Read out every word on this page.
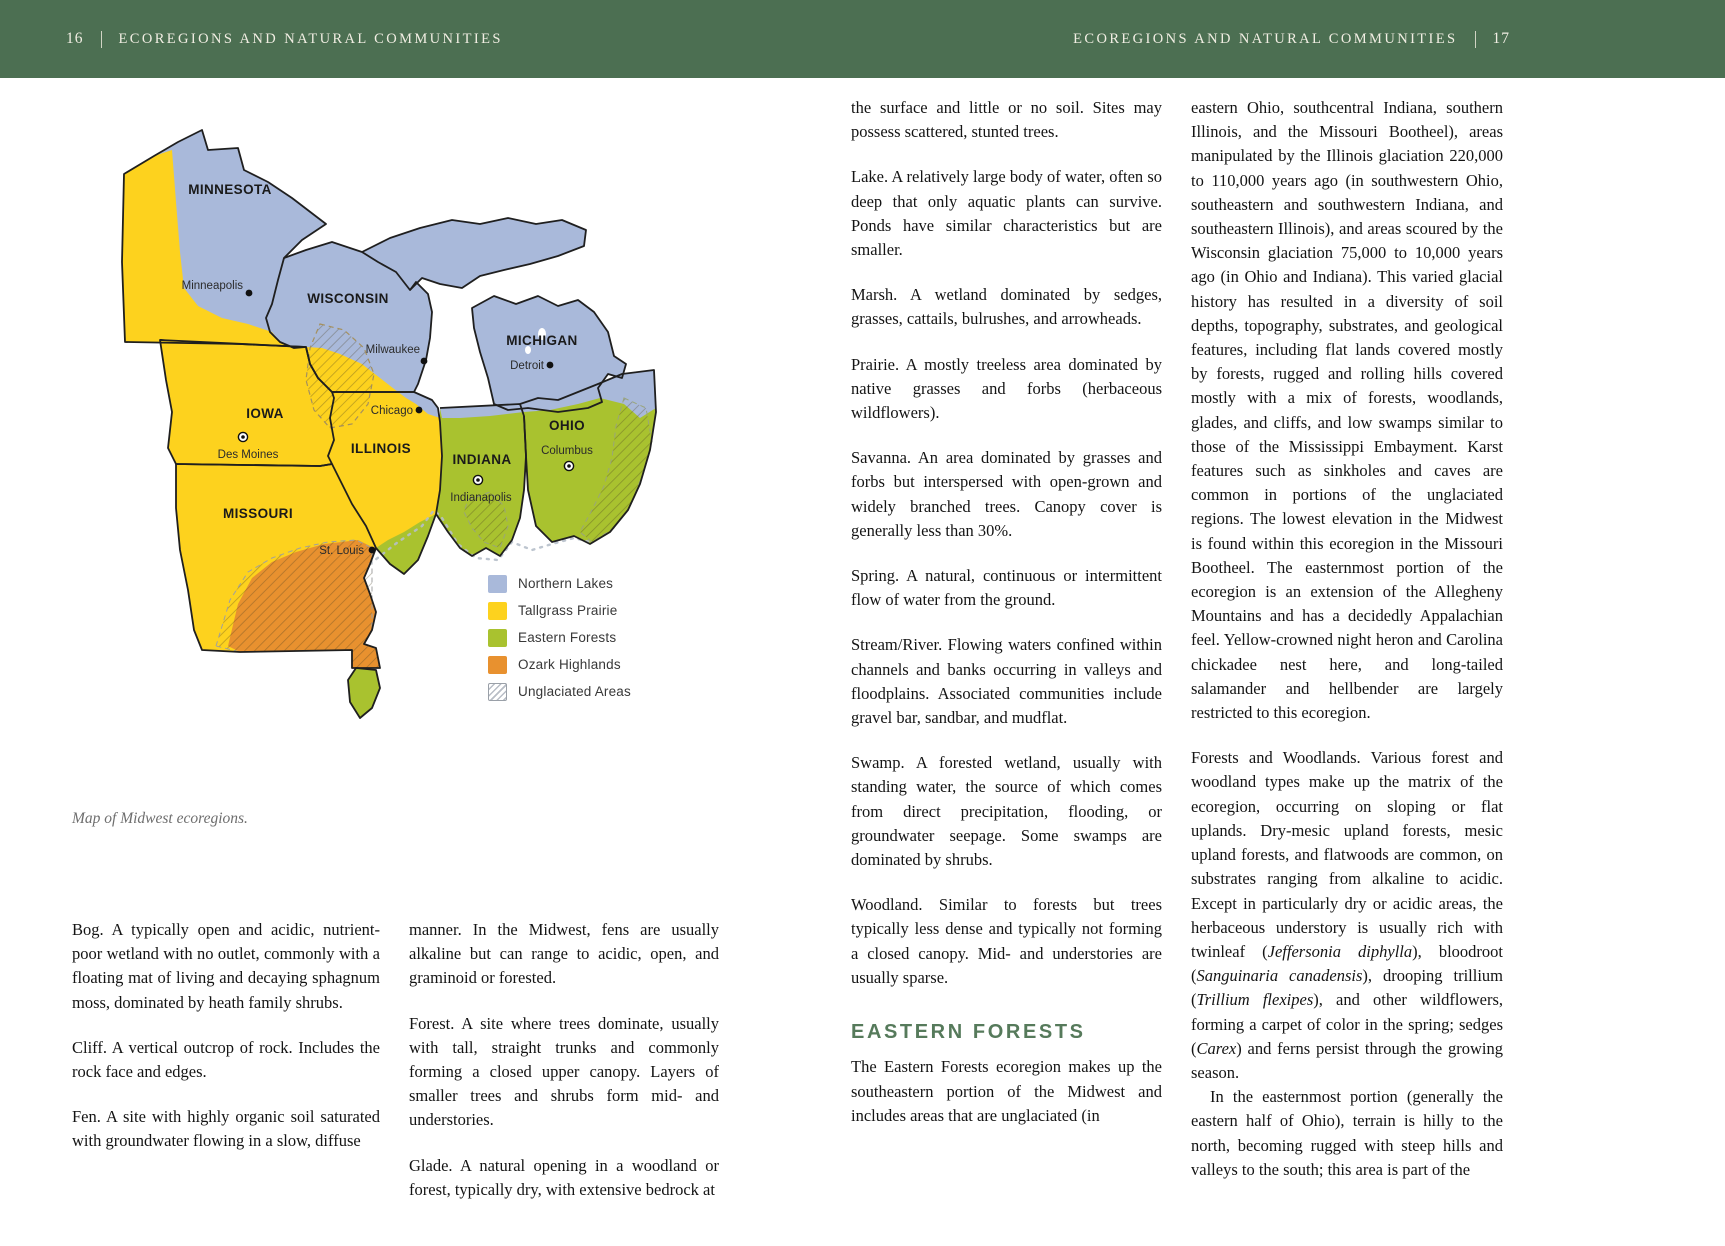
16 ECOREGIONS AND NATURAL COMMUNITIES	ECOREGIONS AND NATURAL COMMUNITIES 17
MINNESOTA
WISCONSIN
MICHIGAN
IOWA
ILLINOIS
INDIANA
OHIO
MISSOURI
Minneapolis
Milwaukee
Detroit
Chicago
Des Moines
Indianapolis
Columbus
St. Louis
Northern Lakes
Tallgrass Prairie
Eastern Forests
Ozark Highlands
Unglaciated Areas

Map of Midwest ecoregions.

Bog. A typically open and acidic, nutrient-poor wetland with no outlet, commonly with a floating mat of living and decaying sphagnum moss, dominated by heath family shrubs.

Cliff. A vertical outcrop of rock. Includes the rock face and edges.

Fen. A site with highly organic soil saturated with groundwater flowing in a slow, diffuse

manner. In the Midwest, fens are usually alkaline but can range to acidic, open, and graminoid or forested.

Forest. A site where trees dominate, usually with tall, straight trunks and commonly forming a closed upper canopy. Layers of smaller trees and shrubs form mid- and understories.

Glade. A natural opening in a woodland or forest, typically dry, with extensive bedrock at

the surface and little or no soil. Sites may possess scattered, stunted trees.

Lake. A relatively large body of water, often so deep that only aquatic plants can survive. Ponds have similar characteristics but are smaller.

Marsh. A wetland dominated by sedges, grasses, cattails, bulrushes, and arrowheads.

Prairie. A mostly treeless area dominated by native grasses and forbs (herbaceous wildflowers).

Savanna. An area dominated by grasses and forbs but interspersed with open-grown and widely branched trees. Canopy cover is generally less than 30%.

Spring. A natural, continuous or intermittent flow of water from the ground.

Stream/River. Flowing waters confined within channels and banks occurring in valleys and floodplains. Associated communities include gravel bar, sandbar, and mudflat.

Swamp. A forested wetland, usually with standing water, the source of which comes from direct precipitation, flooding, or groundwater seepage. Some swamps are dominated by shrubs.

Woodland. Similar to forests but trees typically less dense and typically not forming a closed canopy. Mid- and understories are usually sparse.

EASTERN FORESTS

The Eastern Forests ecoregion makes up the southeastern portion of the Midwest and includes areas that are unglaciated (in

eastern Ohio, southcentral Indiana, southern Illinois, and the Missouri Bootheel), areas manipulated by the Illinois glaciation 220,000 to 110,000 years ago (in southwestern Ohio, southeastern and southwestern Indiana, and southeastern Illinois), and areas scoured by the Wisconsin glaciation 75,000 to 10,000 years ago (in Ohio and Indiana). This varied glacial history has resulted in a diversity of soil depths, topography, substrates, and geological features, including flat lands covered mostly by forests, rugged and rolling hills covered mostly with a mix of forests, woodlands, glades, and cliffs, and low swamps similar to those of the Mississippi Embayment. Karst features such as sinkholes and caves are common in portions of the unglaciated regions. The lowest elevation in the Midwest is found within this ecoregion in the Missouri Bootheel. The easternmost portion of the ecoregion is an extension of the Allegheny Mountains and has a decidedly Appalachian feel. Yellow-crowned night heron and Carolina chickadee nest here, and long-tailed salamander and hellbender are largely restricted to this ecoregion.

Forests and Woodlands. Various forest and woodland types make up the matrix of the ecoregion, occurring on sloping or flat uplands. Dry-mesic upland forests, mesic upland forests, and flatwoods are common, on substrates ranging from alkaline to acidic. Except in particularly dry or acidic areas, the herbaceous understory is usually rich with twinleaf (Jeffersonia diphylla), bloodroot (Sanguinaria canadensis), drooping trillium (Trillium flexipes), and other wildflowers, forming a carpet of color in the spring; sedges (Carex) and ferns persist through the growing season.

In the easternmost portion (generally the eastern half of Ohio), terrain is hilly to the north, becoming rugged with steep hills and valleys to the south; this area is part of the
